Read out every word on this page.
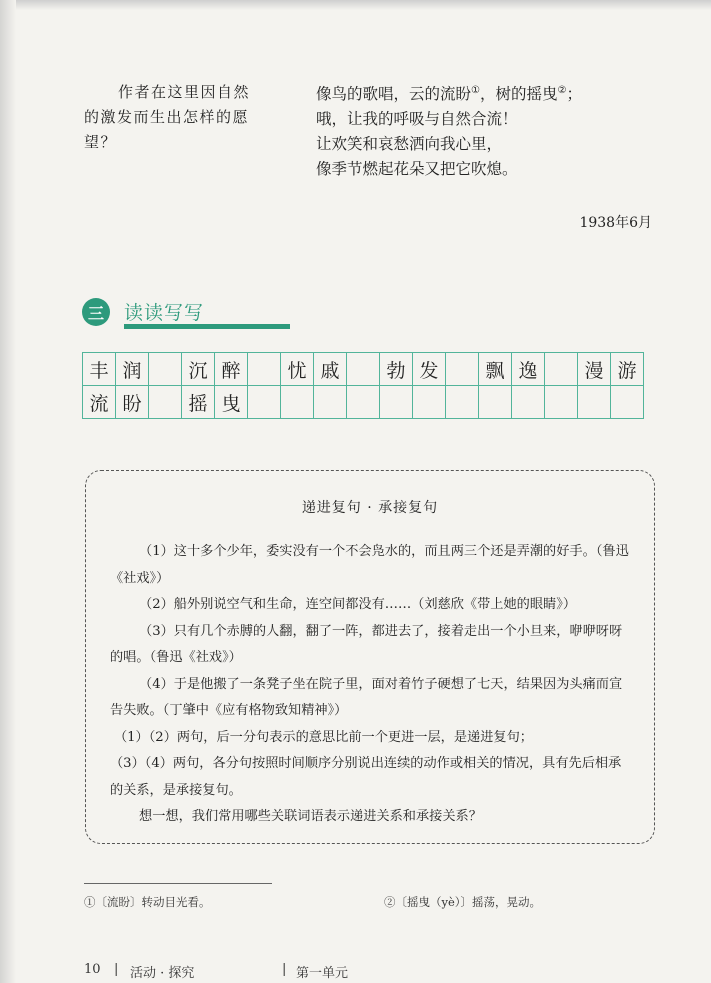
作者在这里因自然的激发而生出怎样的愿望？
像鸟的歌唱，云的流盼①，树的摇曳②；
哦，让我的呼吸与自然合流！
让欢笑和哀愁洒向我心里，
像季节燃起花朵又把它吹熄。
1938年6月
三	读读写写
丰	润		沉	醉		忧	戚		勃	发		飘	逸		漫	游
流	盼		摇	曳												
递进复句 · 承接复句

（1）这十多个少年，委实没有一个不会凫水的，而且两三个还是弄潮的好手。（鲁迅《社戏》）

（2）船外别说空气和生命，连空间都没有……（刘慈欣《带上她的眼睛》）

（3）只有几个赤膊的人翻，翻了一阵，都进去了，接着走出一个小旦来，咿咿呀呀的唱。（鲁迅《社戏》）

（4）于是他搬了一条凳子坐在院子里，面对着竹子硬想了七天，结果因为头痛而宣告失败。（丁肇中《应有格物致知精神》）

（1）（2）两句，后一分句表示的意思比前一个更进一层，是递进复句；

（3）（4）两句，各分句按照时间顺序分别说出连续的动作或相关的情况，具有先后相承的关系，是承接复句。

想一想，我们常用哪些关联词语表示递进关系和承接关系？

①〔流盼〕转动目光看。	②〔摇曳（yè）〕摇荡，晃动。
10 | 活动 · 探究	| 第一单元
